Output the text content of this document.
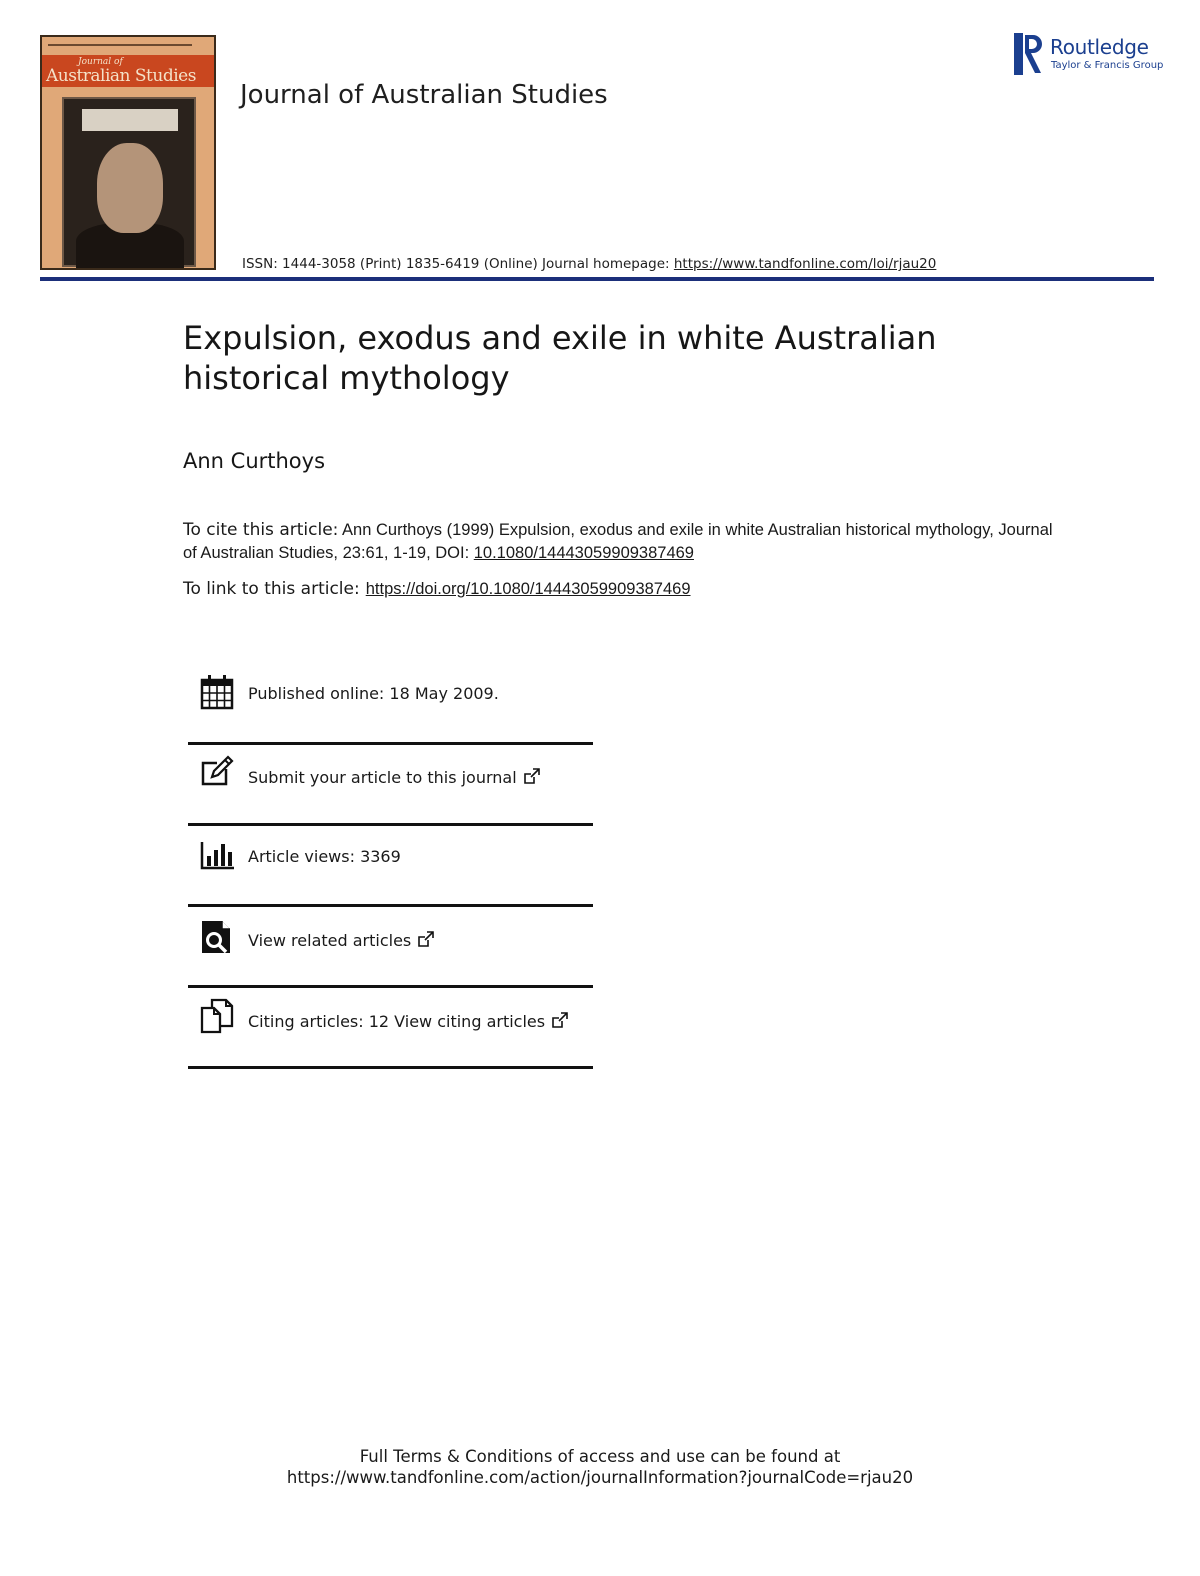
Journal of
Australian Studies
Journal of Australian Studies
ISSN: 1444-3058 (Print) 1835-6419 (Online) Journal homepage: https://www.tandfonline.com/loi/rjau20
Routledge
Taylor & Francis Group
Expulsion, exodus and exile in white Australian historical mythology
Ann Curthoys
To cite this article: Ann Curthoys (1999) Expulsion, exodus and exile in white Australian historical mythology, Journal of Australian Studies, 23:61, 1-19, DOI: 10.1080/14443059909387469
To link to this article: https://doi.org/10.1080/14443059909387469
Published online: 18 May 2009.
Submit your article to this journal
Article views: 3369
View related articles
Citing articles: 12 View citing articles
Full Terms & Conditions of access and use can be found at
https://www.tandfonline.com/action/journalInformation?journalCode=rjau20
